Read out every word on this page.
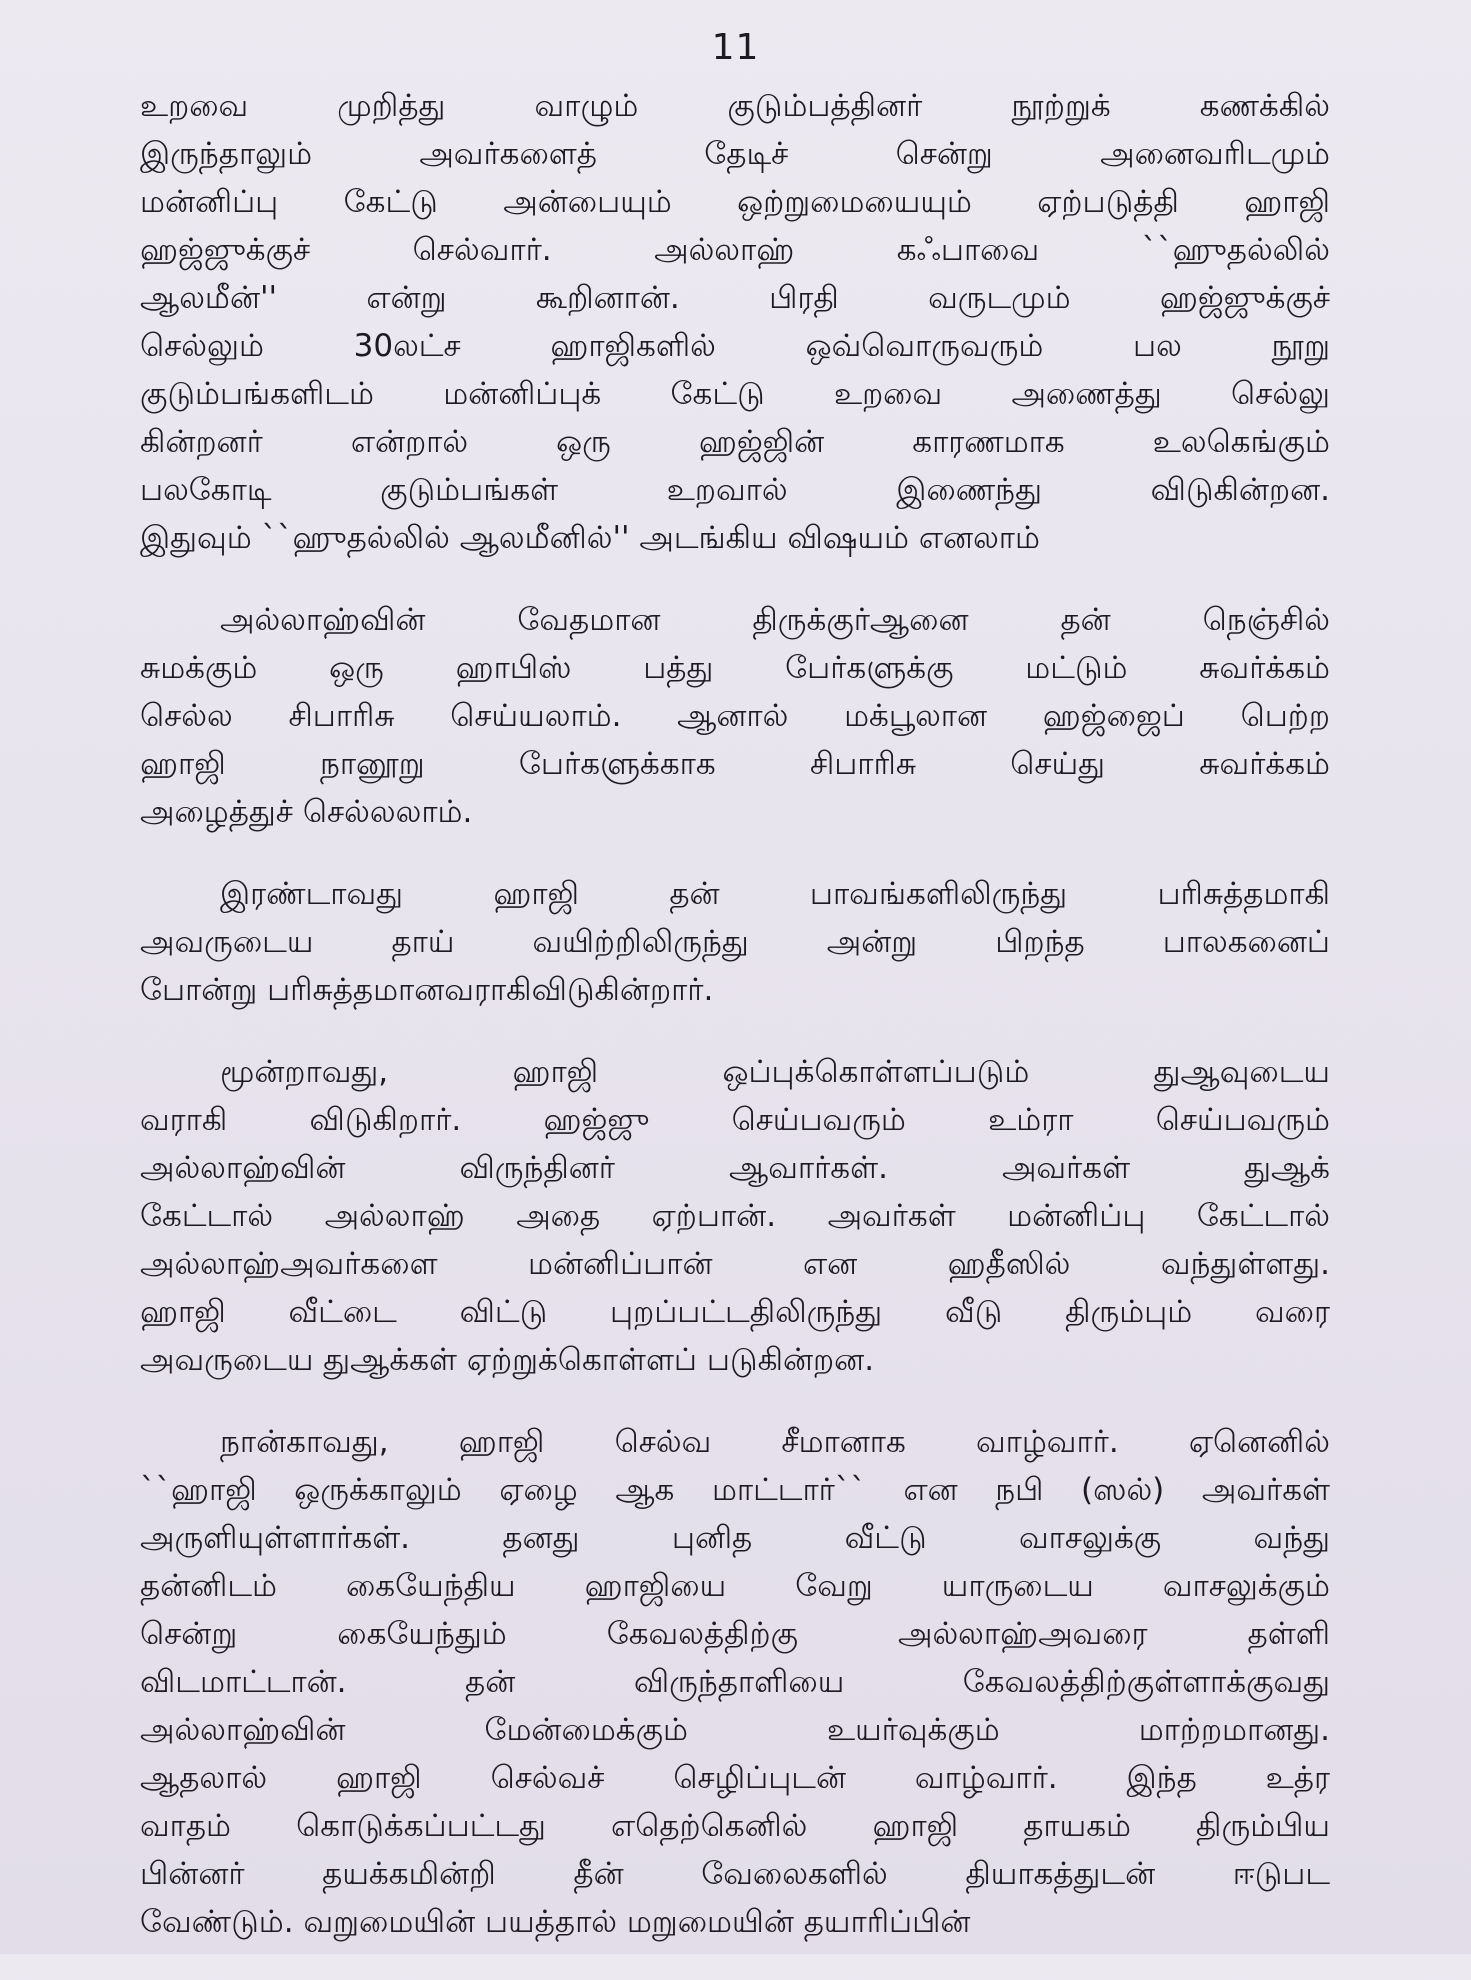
11
உறவை முறித்து வாழும் குடும்பத்தினர் நூற்றுக் கணக்கில்
இருந்தாலும் அவர்களைத் தேடிச் சென்று அனைவரிடமும்
மன்னிப்பு கேட்டு அன்பையும் ஒற்றுமையையும் ஏற்படுத்தி ஹாஜி
ஹஜ்ஜுக்குச் செல்வார். அல்லாஹ் கஃபாவை ``ஹுதல்லில்
ஆலமீன்'' என்று கூறினான். பிரதி வருடமும் ஹஜ்ஜுக்குச்
செல்லும் 30லட்ச ஹாஜிகளில் ஒவ்வொருவரும் பல நூறு
குடும்பங்களிடம் மன்னிப்புக் கேட்டு உறவை அணைத்து செல்லு
கின்றனர் என்றால் ஒரு ஹஜ்ஜின் காரணமாக உலகெங்கும்
பலகோடி குடும்பங்கள் உறவால் இணைந்து விடுகின்றன.
இதுவும் ``ஹுதல்லில் ஆலமீனில்'' அடங்கிய விஷயம் எனலாம்
அல்லாஹ்வின் வேதமான திருக்குர்ஆனை தன் நெஞ்சில்
சுமக்கும் ஒரு ஹாபிஸ் பத்து பேர்களுக்கு மட்டும் சுவர்க்கம்
செல்ல சிபாரிசு செய்யலாம். ஆனால் மக்பூலான ஹஜ்ஜைப் பெற்ற
ஹாஜி நானூறு பேர்களுக்காக சிபாரிசு செய்து சுவர்க்கம்
அழைத்துச் செல்லலாம்.
இரண்டாவது ஹாஜி தன் பாவங்களிலிருந்து பரிசுத்தமாகி
அவருடைய தாய் வயிற்றிலிருந்து அன்று பிறந்த பாலகனைப்
போன்று பரிசுத்தமானவராகிவிடுகின்றார்.
மூன்றாவது, ஹாஜி ஒப்புக்கொள்ளப்படும் துஆவுடைய
வராகி விடுகிறார். ஹஜ்ஜு செய்பவரும் உம்ரா செய்பவரும்
அல்லாஹ்வின் விருந்தினர் ஆவார்கள். அவர்கள் துஆக்
கேட்டால் அல்லாஹ் அதை ஏற்பான். அவர்கள் மன்னிப்பு கேட்டால்
அல்லாஹ்அவர்களை மன்னிப்பான் என ஹதீஸில் வந்துள்ளது.
ஹாஜி வீட்டை விட்டு புறப்பட்டதிலிருந்து வீடு திரும்பும் வரை
அவருடைய துஆக்கள் ஏற்றுக்கொள்ளப் படுகின்றன.
நான்காவது, ஹாஜி செல்வ சீமானாக வாழ்வார். ஏனெனில்
``ஹாஜி ஒருக்காலும் ஏழை ஆக மாட்டார்`` என நபி (ஸல்) அவர்கள்
அருளியுள்ளார்கள். தனது புனித வீட்டு வாசலுக்கு வந்து
தன்னிடம் கையேந்திய ஹாஜியை வேறு யாருடைய வாசலுக்கும்
சென்று கையேந்தும் கேவலத்திற்கு அல்லாஹ்அவரை தள்ளி
விடமாட்டான். தன் விருந்தாளியை கேவலத்திற்குள்ளாக்குவது
அல்லாஹ்வின் மேன்மைக்கும் உயர்வுக்கும் மாற்றமானது.
ஆதலால் ஹாஜி செல்வச் செழிப்புடன் வாழ்வார். இந்த உத்ர
வாதம் கொடுக்கப்பட்டது எதெற்கெனில் ஹாஜி தாயகம் திரும்பிய
பின்னர் தயக்கமின்றி தீன் வேலைகளில் தியாகத்துடன் ஈடுபட
வேண்டும். வறுமையின் பயத்தால் மறுமையின் தயாரிப்பின்
